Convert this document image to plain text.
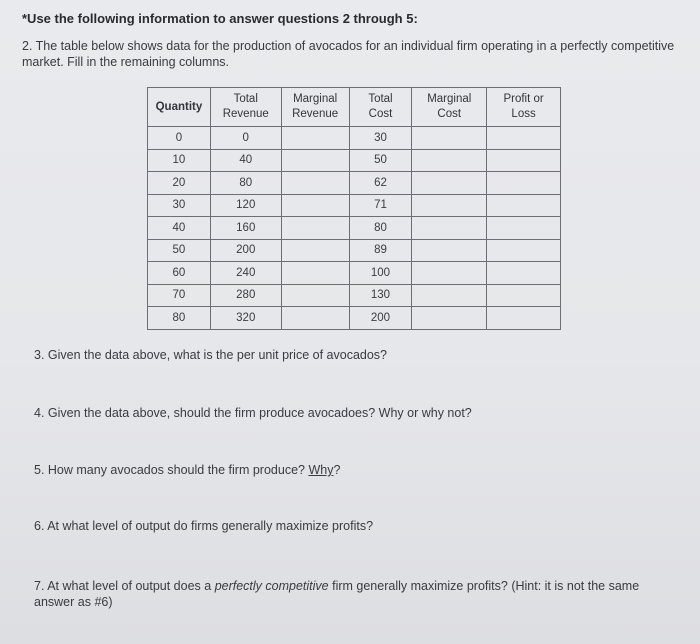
*Use the following information to answer questions 2 through 5:
2. The table below shows data for the production of avocados for an individual firm operating in a perfectly competitive market. Fill in the remaining columns.
Quantity	Total Revenue	Marginal Revenue	Total Cost	Marginal Cost	Profit or Loss
0	0		30		
10	40		50		
20	80		62		
30	120		71		
40	160		80		
50	200		89		
60	240		100		
70	280		130		
80	320		200		
3. Given the data above, what is the per unit price of avocados?
4. Given the data above, should the firm produce avocadoes? Why or why not?
5. How many avocados should the firm produce? Why?
6. At what level of output do firms generally maximize profits?
7. At what level of output does a perfectly competitive firm generally maximize profits? (Hint: it is not the same answer as #6)
